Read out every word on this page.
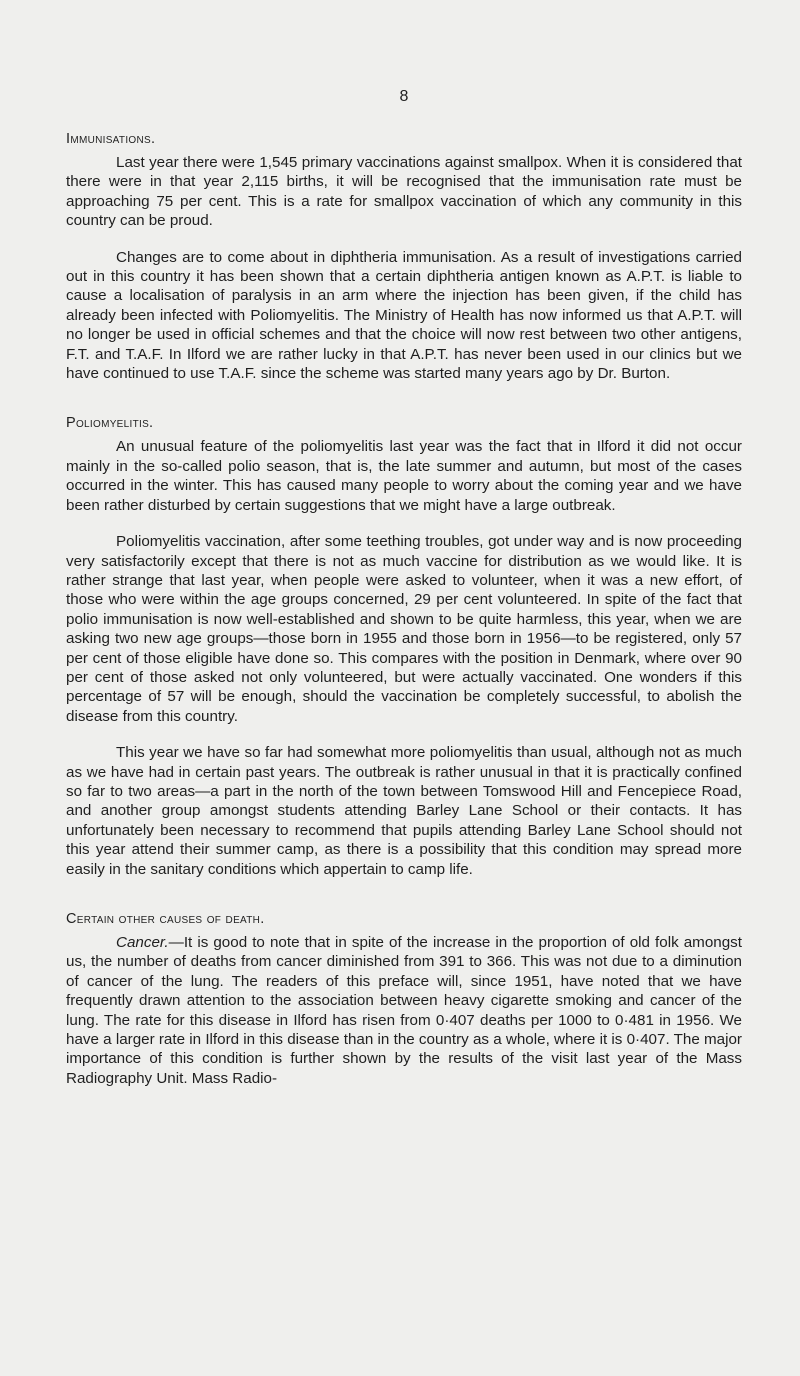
8
Immunisations.

Last year there were 1,545 primary vaccinations against smallpox. When it is considered that there were in that year 2,115 births, it will be recognised that the immunisation rate must be approaching 75 per cent. This is a rate for smallpox vaccination of which any community in this country can be proud.

Changes are to come about in diphtheria immunisation. As a result of investigations carried out in this country it has been shown that a certain diphtheria antigen known as A.P.T. is liable to cause a localisation of paralysis in an arm where the injection has been given, if the child has already been infected with Poliomyelitis. The Ministry of Health has now informed us that A.P.T. will no longer be used in official schemes and that the choice will now rest between two other antigens, F.T. and T.A.F. In Ilford we are rather lucky in that A.P.T. has never been used in our clinics but we have continued to use T.A.F. since the scheme was started many years ago by Dr. Burton.

Poliomyelitis.

An unusual feature of the poliomyelitis last year was the fact that in Ilford it did not occur mainly in the so-called polio season, that is, the late summer and autumn, but most of the cases occurred in the winter. This has caused many people to worry about the coming year and we have been rather disturbed by certain suggestions that we might have a large outbreak.

Poliomyelitis vaccination, after some teething troubles, got under way and is now proceeding very satisfactorily except that there is not as much vaccine for distribution as we would like. It is rather strange that last year, when people were asked to volunteer, when it was a new effort, of those who were within the age groups concerned, 29 per cent volunteered. In spite of the fact that polio immunisation is now well-established and shown to be quite harmless, this year, when we are asking two new age groups—those born in 1955 and those born in 1956—to be registered, only 57 per cent of those eligible have done so. This compares with the position in Denmark, where over 90 per cent of those asked not only volunteered, but were actually vaccinated. One wonders if this percentage of 57 will be enough, should the vaccination be completely successful, to abolish the disease from this country.

This year we have so far had somewhat more poliomyelitis than usual, although not as much as we have had in certain past years. The outbreak is rather unusual in that it is practically confined so far to two areas—a part in the north of the town between Tomswood Hill and Fencepiece Road, and another group amongst students attending Barley Lane School or their contacts. It has unfortunately been necessary to recommend that pupils attending Barley Lane School should not this year attend their summer camp, as there is a possibility that this condition may spread more easily in the sanitary conditions which appertain to camp life.

Certain other causes of death.

Cancer.—It is good to note that in spite of the increase in the proportion of old folk amongst us, the number of deaths from cancer diminished from 391 to 366. This was not due to a diminution of cancer of the lung. The readers of this preface will, since 1951, have noted that we have frequently drawn attention to the association between heavy cigarette smoking and cancer of the lung. The rate for this disease in Ilford has risen from 0·407 deaths per 1000 to 0·481 in 1956. We have a larger rate in Ilford in this disease than in the country as a whole, where it is 0·407. The major importance of this condition is further shown by the results of the visit last year of the Mass Radiography Unit. Mass Radio-
